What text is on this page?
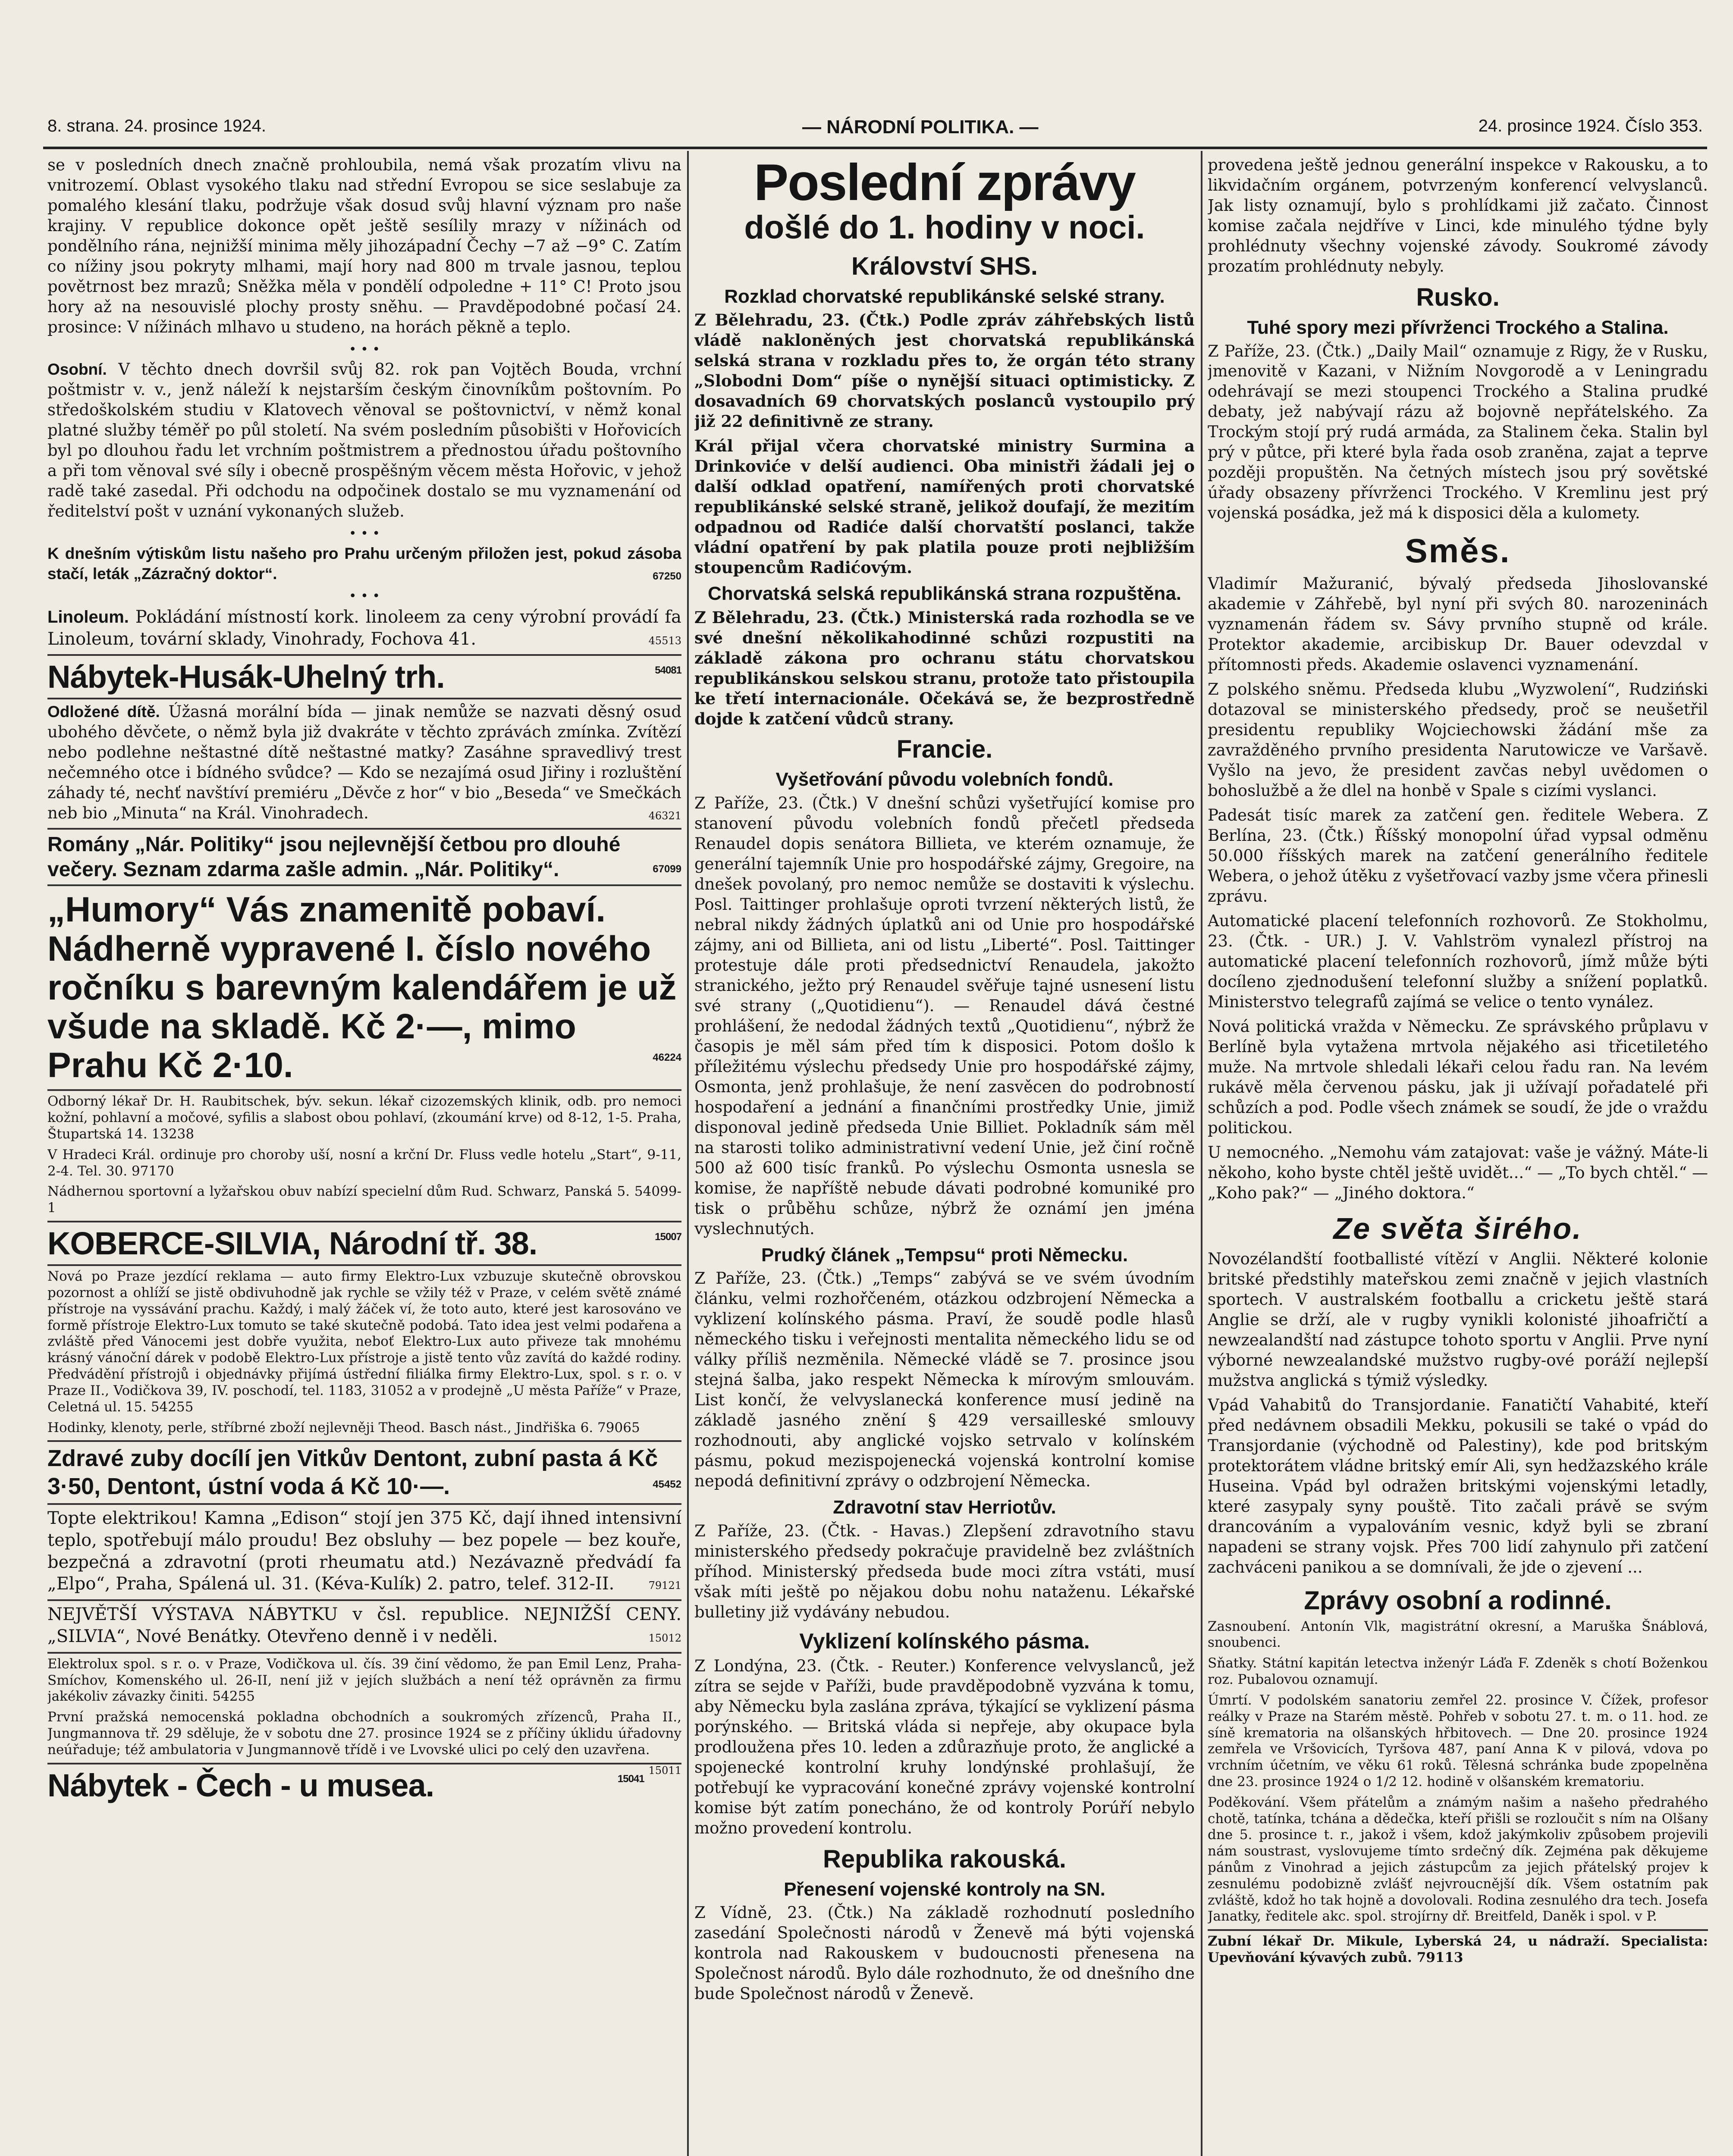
8. strana. 24. prosince 1924.	— NÁRODNÍ POLITIKA. —	24. prosince 1924. Číslo 353.

se v posledních dnech značně prohloubila, nemá však prozatím vlivu na vnitrozemí. Oblast vysokého tlaku nad střední Evropou se sice seslabuje za pomalého klesání tlaku, podržuje však dosud svůj hlavní význam pro naše krajiny. V republice dokonce opět ještě sesílily mrazy v nížinách od pondělního rána, nejnižší minima měly jihozápadní Čechy −7 až −9° C. Zatím co nížiny jsou pokryty mlhami, mají hory nad 800 m trvale jasnou, teplou povětrnost bez mrazů; Sněžka měla v pondělí odpoledne + 11° C! Proto jsou hory až na nesouvislé plochy prosty sněhu. — Pravděpodobné počasí 24. prosince: V nížinách mlhavo u studeno, na horách pěkně a teplo.

• • •

Osobní. V těchto dnech dovršil svůj 82. rok pan Vojtěch Bouda, vrchní poštmistr v. v., jenž náleží k nejstarším českým činovníkům poštovním. Po středoškolském studiu v Klatovech věnoval se poštovnictví, v němž konal platné služby téměř po půl století. Na svém posledním působišti v Hořovicích byl po dlouhou řadu let vrchním poštmistrem a přednostou úřadu poštovního a při tom věnoval své síly i obecně prospěšným věcem města Hořovic, v jehož radě také zasedal. Při odchodu na odpočinek dostalo se mu vyznamenání od ředitelství pošt v uznání vykonaných služeb.

• • •

K dnešním výtiskům listu našeho pro Prahu určeným přiložen jest, pokud zásoba stačí, leták „Zázračný doktor“.	67250

• • •

Linoleum. Pokládání místností kork. linoleem za ceny výrobní provádí fa Linoleum, tovární sklady, Vinohrady, Fochova 41.	45513

Nábytek-Husák-Uhelný trh.	54081

Odložené dítě. Úžasná morální bída — jinak nemůže se nazvati děsný osud ubohého děvčete, o němž byla již dvakráte v těchto zprávách zmínka. Zvítězí nebo podlehne neštastné dítě neštastné matky? Zasáhne spravedlivý trest nečemného otce i bídného svůdce? — Kdo se nezajímá osud Jiřiny i rozluštění záhady té, nechť navštíví premiéru „Děvče z hor“ v bio „Beseda“ ve Smečkách neb bio „Minuta“ na Král. Vinohradech.	46321

Romány „Nár. Politiky“ jsou nejlevnější četbou pro dlouhé večery. Seznam zdarma zašle admin. „Nár. Politiky“.	67099
„Humory“ Vás znamenitě pobaví. Nádherně vypravené I. číslo nového ročníku s barevným kalendářem je už všude na skladě. Kč 2·—, mimo Prahu Kč 2·10.	46224

Odborný lékař Dr. H. Raubitschek, býv. sekun. lékař cizozemských klinik, odb. pro nemoci kožní, pohlavní a močové, syfilis a slabost obou pohlaví, (zkoumání krve) od 8-12, 1-5. Praha, Štupartská 14. 13238

V Hradeci Král. ordinuje pro choroby uší, nosní a krční Dr. Fluss vedle hotelu „Start“, 9-11, 2-4. Tel. 30. 97170

Nádhernou sportovní a lyžařskou obuv nabízí specielní dům Rud. Schwarz, Panská 5. 54099-1

KOBERCE-SILVIA, Národní tř. 38.	15007

Nová po Praze jezdící reklama — auto firmy Elektro-Lux vzbuzuje skutečně obrovskou pozornost a ohlíží se jistě obdivuhodně jak rychle se vžily též v Praze, v celém světě známé přístroje na vyssávání prachu. Každý, i malý žáček ví, že toto auto, které jest karosováno ve formě přístroje Elektro-Lux tomuto se také skutečně podobá. Tato idea jest velmi podařena a zvláště před Vánocemi jest dobře využita, neboť Elektro-Lux auto přiveze tak mnohému krásný vánoční dárek v podobě Elektro-Lux přístroje a jistě tento vůz zavítá do každé rodiny. Předvádění přístrojů i objednávky přijímá ústřední filiálka firmy Elektro-Lux, spol. s r. o. v Praze II., Vodičkova 39, IV. poschodí, tel. 1183, 31052 a v prodejně „U města Paříže“ v Praze, Celetná ul. 15. 54255

Hodinky, klenoty, perle, stříbrné zboží nejlevněji Theod. Basch nást., Jindřiška 6. 79065

Zdravé zuby docílí jen Vitkův Dentont, zubní pasta á Kč 3·50, Dentont, ústní voda á Kč 10·—.	45452

Topte elektrikou! Kamna „Edison“ stojí jen 375 Kč, dají ihned intensivní teplo, spotřebují málo proudu! Bez obsluhy — bez popele — bez kouře, bezpečná a zdravotní (proti rheumatu atd.) Nezávazně předvádí fa „Elpo“, Praha, Spálená ul. 31. (Kéva-Kulík) 2. patro, telef. 312-II.	79121

NEJVĚTŠÍ VÝSTAVA NÁBYTKU v čsl. republice. NEJNIŽŠÍ CENY. „SILVIA“, Nové Benátky. Otevřeno denně i v neděli.	15012

Elektrolux spol. s r. o. v Praze, Vodičkova ul. čís. 39 činí vědomo, že pan Emil Lenz, Praha-Smíchov, Komenského ul. 26-II, není již v jejích službách a není též oprávněn za firmu jakékoliv závazky činiti. 54255

První pražská nemocenská pokladna obchodních a soukromých zřízenců, Praha II., Jungmannova tř. 29 sděluje, že v sobotu dne 27. prosince 1924 se z příčiny úklidu úřadovny neúřaduje; též ambulatoria v Jungmannově třídě i ve Lvovské ulici po celý den uzavřena.
15011

Nábytek - Čech - u musea.	15041
Poslední zprávy
došlé do 1. hodiny v noci.
Království SHS.
Rozklad chorvatské republikánské selské strany.

Z Bělehradu, 23. (Čtk.) Podle zpráv záhřebských listů vládě nakloněných jest chorvatská republikánská selská strana v rozkladu přes to, že orgán této strany „Slobodni Dom“ píše o nynější situaci optimisticky. Z dosavadních 69 chorvatských poslanců vystoupilo prý již 22 definitivně ze strany.

Král přijal včera chorvatské ministry Surmina a Drinkoviće v delší audienci. Oba ministři žádali jej o další odklad opatření, namířených proti chorvatské republikánské selské straně, jelikož doufají, že mezitím odpadnou od Radiće další chorvatští poslanci, takže vládní opatření by pak platila pouze proti nejbližším stoupencům Radićovým.

Chorvatská selská republikánská strana rozpuštěna.

Z Bělehradu, 23. (Čtk.) Ministerská rada rozhodla se ve své dnešní několikahodinné schůzi rozpustiti na základě zákona pro ochranu státu chorvatskou republikánskou selskou stranu, protože tato přistoupila ke třetí internacionále. Očekává se, že bezprostředně dojde k zatčení vůdců strany.

Francie.
Vyšetřování původu volebních fondů.

Z Paříže, 23. (Čtk.) V dnešní schůzi vyšetřující komise pro stanovení původu volebních fondů přečetl předseda Renaudel dopis senátora Billieta, ve kterém oznamuje, že generální tajemník Unie pro hospodářské zájmy, Gregoire, na dnešek povolaný, pro nemoc nemůže se dostaviti k výslechu. Posl. Taittinger prohlašuje oproti tvrzení některých listů, že nebral nikdy žádných úplatků ani od Unie pro hospodářské zájmy, ani od Billieta, ani od listu „Liberté“. Posl. Taittinger protestuje dále proti předsednictví Renaudela, jakožto stranického, ježto prý Renaudel svěřuje tajné usnesení listu své strany („Quotidienu“). — Renaudel dává čestné prohlášení, že nedodal žádných textů „Quotidienu“, nýbrž že časopis je měl sám před tím k disposici. Potom došlo k příležitému výslechu předsedy Unie pro hospodářské zájmy, Osmonta, jenž prohlašuje, že není zasvěcen do podrobností hospodaření a jednání a finančními prostředky Unie, jimiž disponoval jedině předseda Unie Billiet. Pokladník sám měl na starosti toliko administrativní vedení Unie, jež činí ročně 500 až 600 tisíc franků. Po výslechu Osmonta usnesla se komise, že napříště nebude dávati podrobné komuniké pro tisk o průběhu schůze, nýbrž že oznámí jen jména vyslechnutých.

Prudký článek „Tempsu“ proti Německu.

Z Paříže, 23. (Čtk.) „Temps“ zabývá se ve svém úvodním článku, velmi rozhořčeném, otázkou odzbrojení Německa a vyklizení kolínského pásma. Praví, že soudě podle hlasů německého tisku i veřejnosti mentalita německého lidu se od války příliš nezměnila. Německé vládě se 7. prosince jsou stejná šalba, jako respekt Německa k mírovým smlouvám. List končí, že velvyslanecká konference musí jedině na základě jasného znění § 429 versailleské smlouvy rozhodnouti, aby anglické vojsko setrvalo v kolínském pásmu, pokud mezispojenecká vojenská kontrolní komise nepodá definitivní zprávy o odzbrojení Německa.

Zdravotní stav Herriotův.

Z Paříže, 23. (Čtk. - Havas.) Zlepšení zdravotního stavu ministerského předsedy pokračuje pravidelně bez zvláštních příhod. Ministerský předseda bude moci zítra vstáti, musí však míti ještě po nějakou dobu nohu nataženu. Lékařské bulletiny již vydávány nebudou.

Vyklizení kolínského pásma.

Z Londýna, 23. (Čtk. - Reuter.) Konference velvyslanců, jež zítra se sejde v Paříži, bude pravděpodobně vyzvána k tomu, aby Německu byla zaslána zpráva, týkající se vyklizení pásma porýnského. — Britská vláda si nepřeje, aby okupace byla prodloužena přes 10. leden a zdůrazňuje proto, že anglické a spojenecké kontrolní kruhy londýnské prohlašují, že potřebují ke vypracování konečné zprávy vojenské kontrolní komise být zatím ponecháno, že od kontroly Porúří nebylo možno provedení kontrolu.

Republika rakouská.
Přenesení vojenské kontroly na SN.

Z Vídně, 23. (Čtk.) Na základě rozhodnutí posledního zasedání Společnosti národů v Ženevě má býti vojenská kontrola nad Rakouskem v budoucnosti přenesena na Společnost národů. Bylo dále rozhodnuto, že od dnešního dne bude Společnost národů v Ženevě.

provedena ještě jednou generální inspekce v Rakousku, a to likvidačním orgánem, potvrzeným konferencí velvyslanců. Jak listy oznamují, bylo s prohlídkami již začato. Činnost komise začala nejdříve v Linci, kde minulého týdne byly prohlédnuty všechny vojenské závody. Soukromé závody prozatím prohlédnuty nebyly.

Rusko.
Tuhé spory mezi přívrženci Trockého a Stalina.

Z Paříže, 23. (Čtk.) „Daily Mail“ oznamuje z Rigy, že v Rusku, jmenovitě v Kazani, v Nižním Novgorodě a v Leningradu odehrávají se mezi stoupenci Trockého a Stalina prudké debaty, jež nabývají rázu až bojovně nepřátelského. Za Trockým stojí prý rudá armáda, za Stalinem čeka. Stalin byl prý v půtce, při které byla řada osob zraněna, zajat a teprve později propuštěn. Na četných místech jsou prý sovětské úřady obsazeny přívrženci Trockého. V Kremlinu jest prý vojenská posádka, jež má k disposici děla a kulomety.

Směs.

Vladimír Mažuranić, bývalý předseda Jihoslovanské akademie v Záhřebě, byl nyní při svých 80. narozeninách vyznamenán řádem sv. Sávy prvního stupně od krále. Protektor akademie, arcibiskup Dr. Bauer odevzdal v přítomnosti předs. Akademie oslavenci vyznamenání.

Z polského sněmu. Předseda klubu „Wyzwolení“, Rudziński dotazoval se ministerského předsedy, proč se neušetřil presidentu republiky Wojciechowski žádání mše za zavražděného prvního presidenta Narutowicze ve Varšavě. Vyšlo na jevo, že president zavčas nebyl uvědomen o bohoslužbě a že dlel na honbě v Spale s cizími vyslanci.

Padesát tisíc marek za zatčení gen. ředitele Webera. Z Berlína, 23. (Čtk.) Říšský monopolní úřad vypsal odměnu 50.000 říšských marek na zatčení generálního ředitele Webera, o jehož útěku z vyšetřovací vazby jsme včera přinesli zprávu.

Automatické placení telefonních rozhovorů. Ze Stokholmu, 23. (Čtk. - UR.) J. V. Vahlström vynalezl přístroj na automatické placení telefonních rozhovorů, jímž může býti docíleno zjednodušení telefonní služby a snížení poplatků. Ministerstvo telegrafů zajímá se velice o tento vynález.

Nová politická vražda v Německu. Ze správského průplavu v Berlíně byla vytažena mrtvola nějakého asi třicetiletého muže. Na mrtvole shledali lékaři celou řadu ran. Na levém rukávě měla červenou pásku, jak ji užívají pořadatelé při schůzích a pod. Podle všech známek se soudí, že jde o vraždu politickou.

U nemocného. „Nemohu vám zatajovat: vaše je vážný. Máte-li někoho, koho byste chtěl ještě uvidět...“ — „To bych chtěl.“ — „Koho pak?“ — „Jiného doktora.“

Ze světa širého.

Novozélandští footballisté vítězí v Anglii. Některé kolonie britské předstihly mateřskou zemi značně v jejich vlastních sportech. V australském footballu a cricketu ještě stará Anglie se drží, ale v rugby vynikli kolonisté jihoafričtí a newzealandští nad zástupce tohoto sportu v Anglii. Prve nyní výborné newzealandské mužstvo rugby-ové poráží nejlepší mužstva anglická s týmiž výsledky.

Vpád Vahabitů do Transjordanie. Fanatičtí Vahabité, kteří před nedávnem obsadili Mekku, pokusili se také o vpád do Transjordanie (východně od Palestiny), kde pod britským protektorátem vládne britský emír Ali, syn hedžazského krále Huseina. Vpád byl odražen britskými vojenskými letadly, které zasypaly syny pouště. Tito začali právě se svým drancováním a vypalováním vesnic, když byli se zbraní napadeni se strany vojsk. Přes 700 lidí zahynulo při zatčení zachváceni panikou a se domnívali, že jde o zjevení ...

Zprávy osobní a rodinné.

Zasnoubení. Antonín Vlk, magistrátní okresní, a Maruška Šnáblová, snoubenci.

Sňatky. Státní kapitán letectva inženýr Láďa F. Zdeněk s chotí Boženkou roz. Pubalovou oznamují.

Úmrtí. V podolském sanatoriu zemřel 22. prosince V. Čížek, profesor reálky v Praze na Starém městě. Pohřeb v sobotu 27. t. m. o 11. hod. ze síně krematoria na olšanských hřbitovech. — Dne 20. prosince 1924 zemřela ve Vršovicích, Tyršova 487, paní Anna K v pilová, vdova po vrchním účetním, ve věku 61 roků. Tělesná schránka bude zpopelněna dne 23. prosince 1924 o 1/2 12. hodině v olšanském krematoriu.

Poděkování. Všem přátelům a známým našim a našeho předrahého chotě, tatínka, tchána a dědečka, kteří přišli se rozloučit s ním na Olšany dne 5. prosince t. r., jakož i všem, kdož jakýmkoliv způsobem projevili nám soustrast, vyslovujeme tímto srdečný dík. Zejména pak děkujeme pánům z Vinohrad a jejich zástupcům za jejich přátelský projev k zesnulému podobizně zvlášť nejvroucnější dík. Všem ostatním pak zvláště, kdož ho tak hojně a dovolovali. Rodina zesnulého dra tech. Josefa Janatky, ředitele akc. spol. strojírny dř. Breitfeld, Daněk i spol. v P.

Zubní lékař Dr. Mikule, Lyberská 24, u nádraží. Specialista: Upevňování kývavých zubů. 79113
